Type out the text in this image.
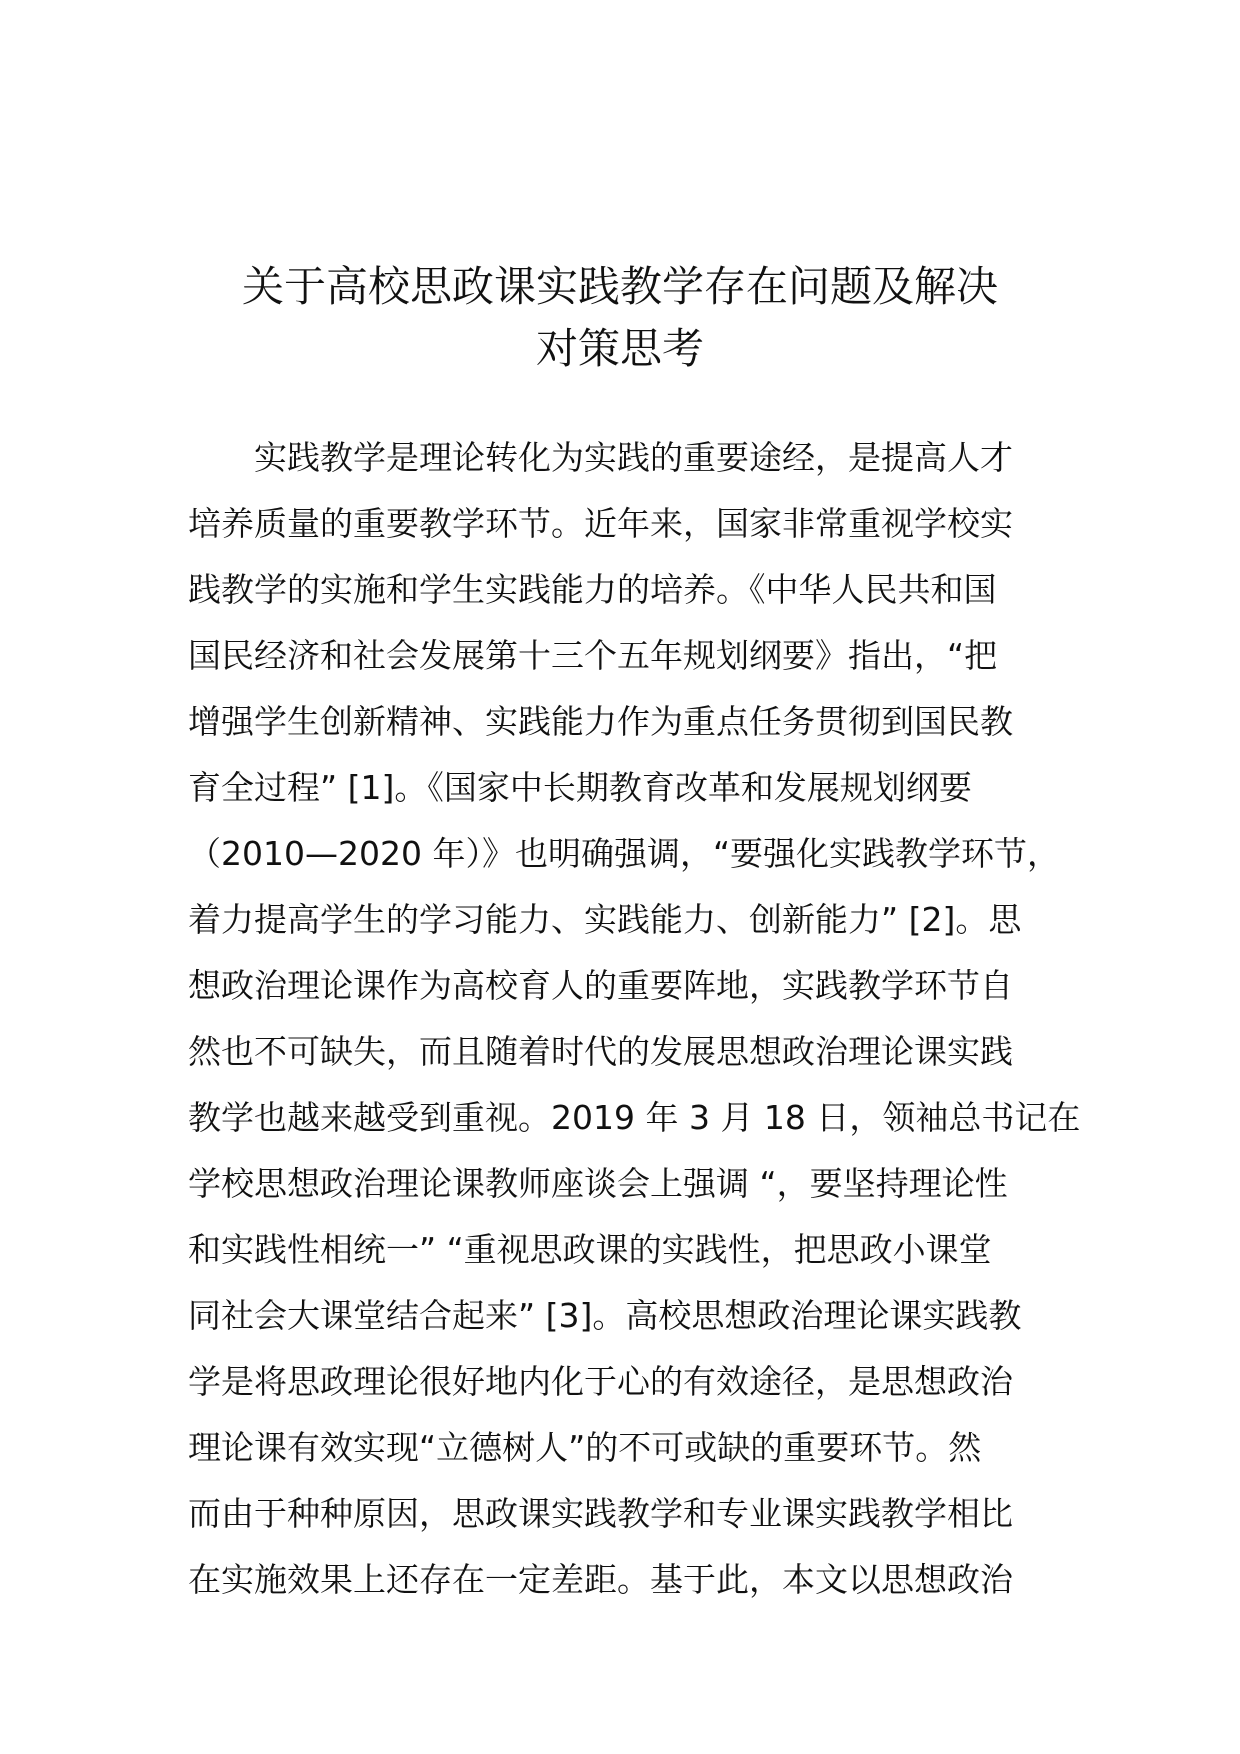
关于高校思政课实践教学存在问题及解决
对策思考
实践教学是理论转化为实践的重要途经，是提高人才
培养质量的重要教学环节。近年来，国家非常重视学校实
践教学的实施和学生实践能力的培养。《中华人民共和国
国民经济和社会发展第十三个五年规划纲要》指出，“把
增强学生创新精神、实践能力作为重点任务贯彻到国民教
育全过程” [1]。《国家中长期教育改革和发展规划纲要
（2010—2020 年）》也明确强调，“要强化实践教学环节，
着力提高学生的学习能力、实践能力、创新能力” [2]。思
想政治理论课作为高校育人的重要阵地，实践教学环节自
然也不可缺失，而且随着时代的发展思想政治理论课实践
教学也越来越受到重视。2019 年 3 月 18 日，领袖总书记在
学校思想政治理论课教师座谈会上强调 “，要坚持理论性
和实践性相统一” “重视思政课的实践性，把思政小课堂
同社会大课堂结合起来” [3]。高校思想政治理论课实践教
学是将思政理论很好地内化于心的有效途径，是思想政治
理论课有效实现“立德树人”的不可或缺的重要环节。然
而由于种种原因，思政课实践教学和专业课实践教学相比
在实施效果上还存在一定差距。基于此，本文以思想政治
